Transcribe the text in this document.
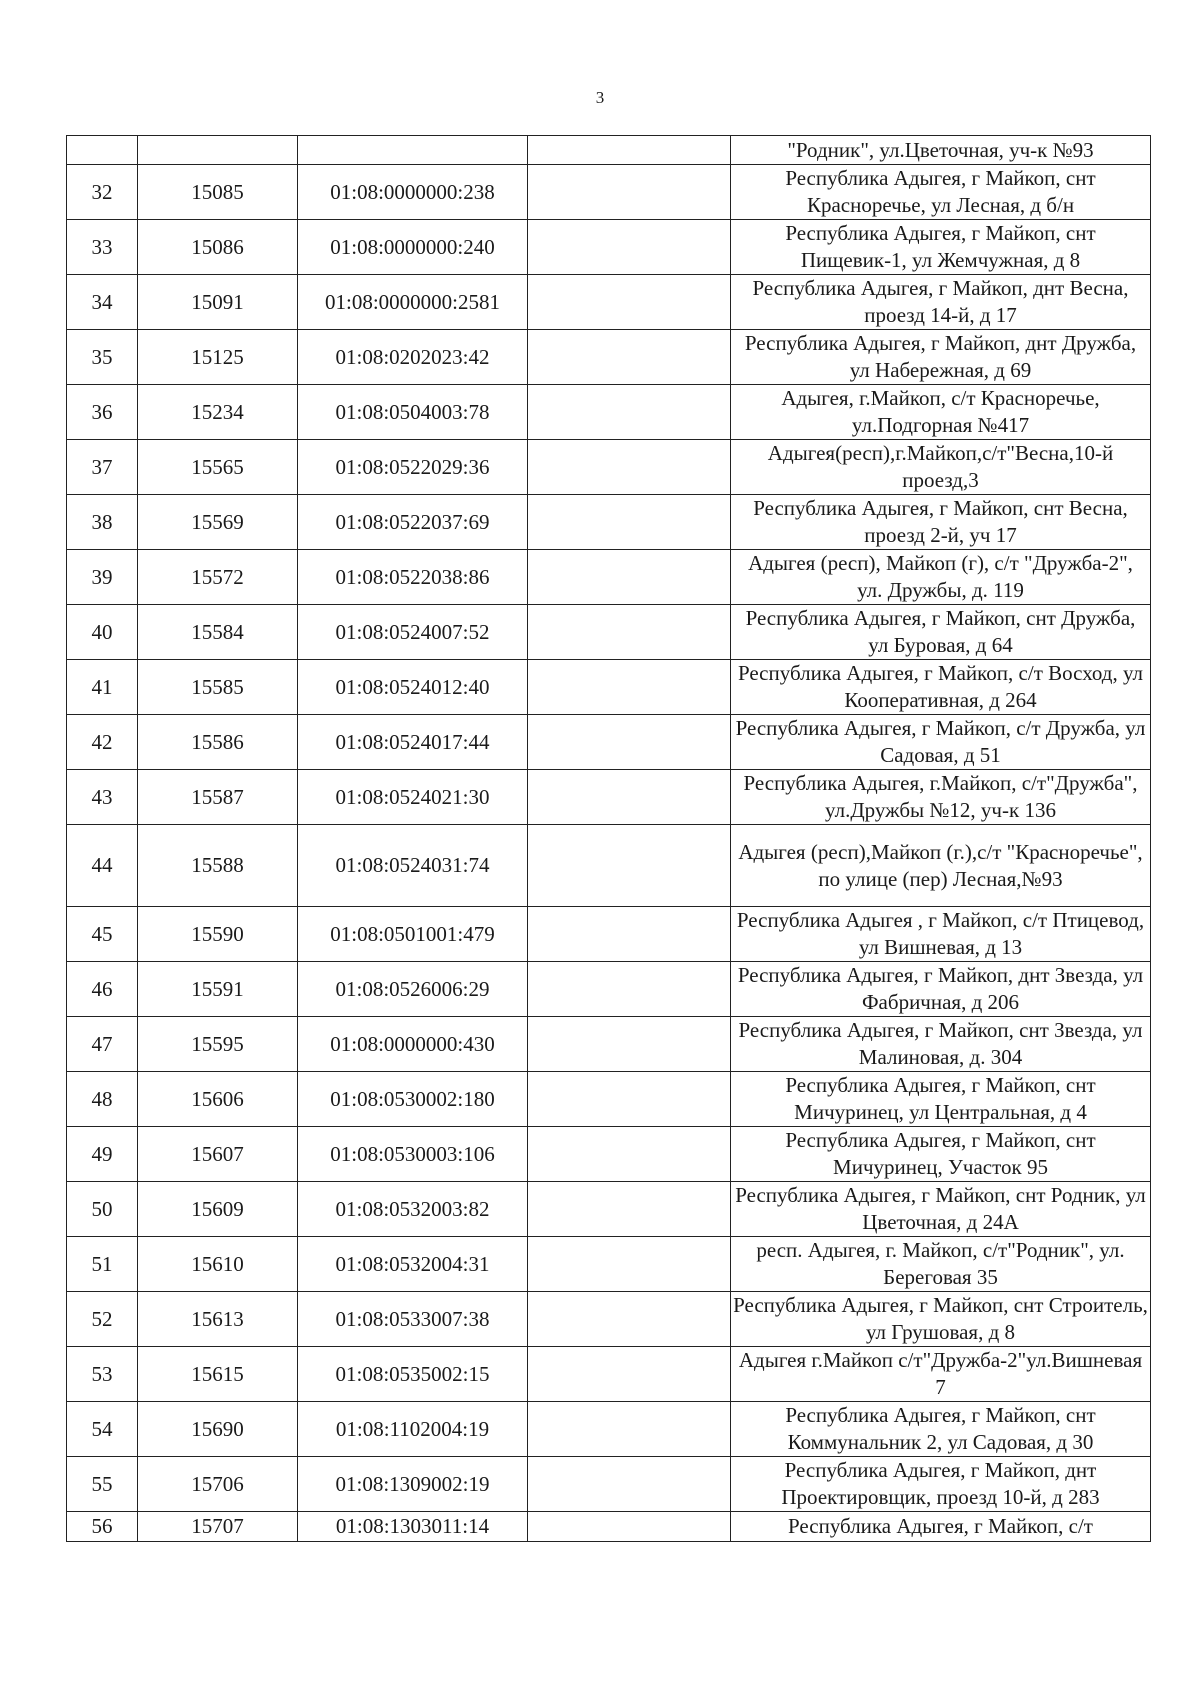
3
				"Родник", ул.Цветочная, уч-к №93
32	15085	01:08:0000000:238		Республика Адыгея, г Майкоп, снт Краснoречье, ул Лесная, д б/н
33	15086	01:08:0000000:240		Республика Адыгея, г Майкоп, снт Пищевик-1, ул Жемчужная, д 8
34	15091	01:08:0000000:2581		Республика Адыгея, г Майкоп, днт Весна, проезд 14-й, д 17
35	15125	01:08:0202023:42		Республика Адыгея, г Майкоп, днт Дружба, ул Набережная, д 69
36	15234	01:08:0504003:78		Адыгея, г.Майкоп, с/т Красноречье, ул.Подгорная №417
37	15565	01:08:0522029:36		Адыгея(респ),г.Майкоп,с/т"Весна,10-й проезд,3
38	15569	01:08:0522037:69		Республика Адыгея, г Майкоп, снт Весна, проезд 2-й, уч 17
39	15572	01:08:0522038:86		Адыгея (респ), Майкоп (г), с/т "Дружба-2", ул. Дружбы, д. 119
40	15584	01:08:0524007:52		Республика Адыгея, г Майкоп, снт Дружба, ул Буровая, д 64
41	15585	01:08:0524012:40		Республика Адыгея, г Майкоп, с/т Восход, ул Кооперативная, д 264
42	15586	01:08:0524017:44		Республика Адыгея, г Майкоп, с/т Дружба, ул Садовая, д 51
43	15587	01:08:0524021:30		Республика Адыгея, г.Майкоп, с/т"Дружба", ул.Дружбы №12, уч-к 136
44	15588	01:08:0524031:74		Адыгея (респ),Майкоп (г.),с/т "Красноречье", по улице (пер) Лесная,№93
45	15590	01:08:0501001:479		Республика Адыгея , г Майкоп, с/т Птицевод, ул Вишневая, д 13
46	15591	01:08:0526006:29		Республика Адыгея, г Майкоп, днт Звезда, ул Фабричная, д 206
47	15595	01:08:0000000:430		Республика Адыгея, г Майкоп, снт Звезда, ул Малиновая, д. 304
48	15606	01:08:0530002:180		Республика Адыгея, г Майкоп, снт Мичуринец, ул Центральная, д 4
49	15607	01:08:0530003:106		Республика Адыгея, г Майкоп, снт Мичуринец, Участок 95
50	15609	01:08:0532003:82		Республика Адыгея, г Майкоп, снт Родник, ул Цветочная, д 24А
51	15610	01:08:0532004:31		респ. Адыгея, г. Майкоп, с/т"Родник", ул. Береговая 35
52	15613	01:08:0533007:38		Республика Адыгея, г Майкоп, снт Строитель, ул Грушовая, д 8
53	15615	01:08:0535002:15		Адыгея г.Майкоп с/т"Дружба-2"ул.Вишневая 7
54	15690	01:08:1102004:19		Республика Адыгея, г Майкоп, снт Коммунальник 2, ул Садовая, д 30
55	15706	01:08:1309002:19		Республика Адыгея, г Майкоп, днт Проектировщик, проезд 10-й, д 283
56	15707	01:08:1303011:14		Республика Адыгея, г Майкоп, с/т
